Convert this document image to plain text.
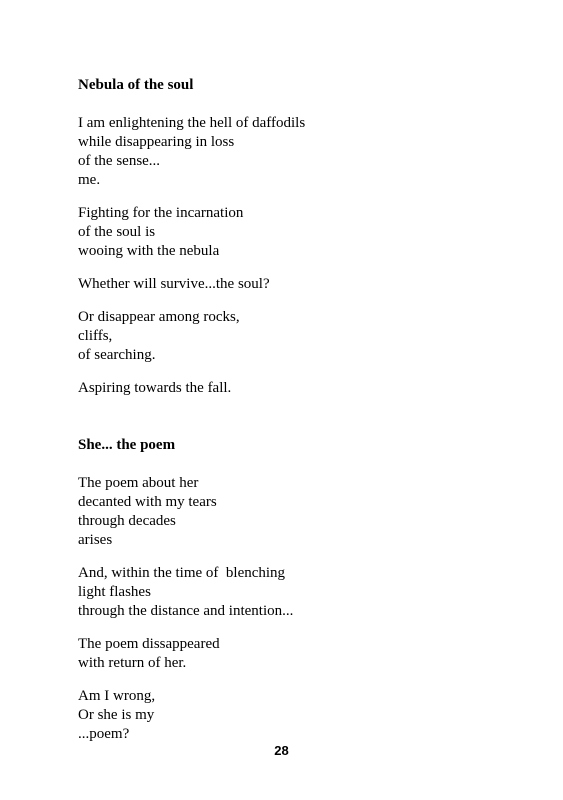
Nebula of the soul
I am enlightening the hell of daffodils
while disappearing in loss
of the sense...
me.
Fighting for the incarnation
of the soul is
wooing with the nebula
Whether will survive...the soul?
Or disappear among rocks,
cliffs,
of searching.
Aspiring towards the fall.
She... the poem
The poem about her
decanted with my tears
through decades
arises
And, within the time of  blenching
light flashes
through the distance and intention...
The poem dissappeared
with return of her.
Am I wrong,
Or she is my
...poem?
28
